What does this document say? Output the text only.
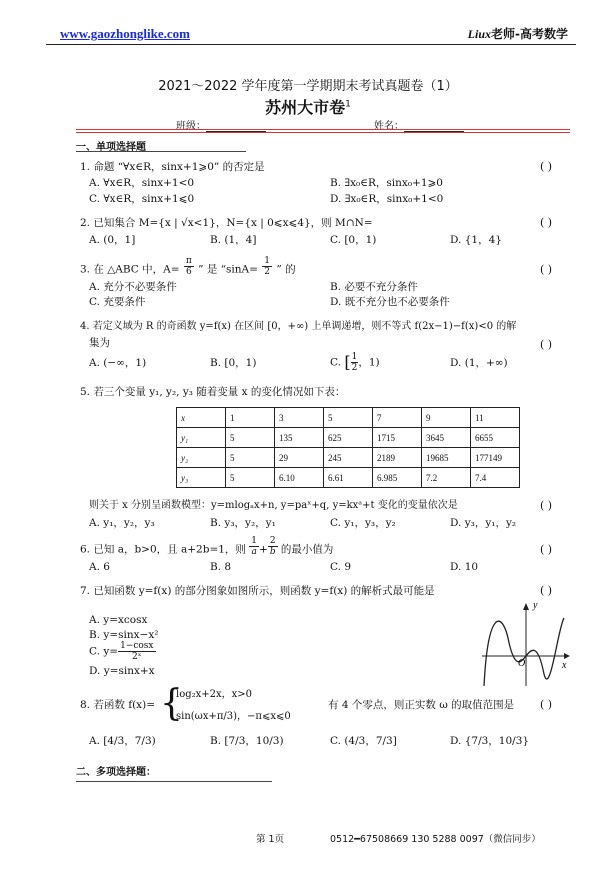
www.gaozhonglike.com	Liux老师-高考数学
2021～2022 学年度第一学期期末考试真题卷（1）
苏州大市卷$^1$
班级：	姓名：
一、单项选择题
1. 命题 “∀x∈R，sinx+1⩾0” 的否定是	( )
A. ∀x∈R，sinx+1<0	B. ∃x₀∈R，sinx₀+1⩾0
C. ∀x∈R，sinx+1⩽0	D. ∃x₀∈R，sinx₀+1<0
2. 已知集合 M={x | √x<1}，N={x | 0⩽x⩽4}，则 M∩N=	( )
A. (0，1]	B. (1，4]	C. [0，1)	D. {1，4}
3. 在 △ABC 中，$A= \frac{\pi}{6}$ ” 是 “$\sin A= \frac{1}{2}$ ” 的	( )
A. 充分不必要条件	B. 必要不充分条件
C. 充要条件	D. 既不充分也不必要条件
4. 若定义域为 R 的奇函数 y=f(x) 在区间 [0，+∞) 上单调递增，则不等式 f(2x−1)−f(x)<0 的解
集为	( )
A. (−∞，1)	B. [0，1)	C. [ $\frac{1}{2}$ ，1)	D. (1，+∞)
5. 若三个变量 y₁, y₂, y₃ 随着变量 x 的变化情况如下表：
x	1	3	5	7	9	11
y₁	5	135	625	1715	3645	6655
y₂	5	29	245	2189	19685	177149
y₃	5	6.10	6.61	6.985	7.2	7.4
则关于 x 分别呈函数模型：y=mlogₐx+n, y=paˣ+q, y=kxᵃ+t 变化的变量依次是	( )
A. y₁，y₂，y₃	B. y₃，y₂，y₁	C. y₁，y₃，y₂	D. y₃，y₁，y₂
6. 已知 a，b>0，且 a+2b=1，则 $\frac{1}{a} + \frac{2}{b}$ 的最小值为	( )
A. 6	B. 8	C. 9	D. 10
7. 已知函数 y=f(x) 的部分图象如图所示，则函数 y=f(x) 的解析式最可能是	( )
A. y=xcosx
B. y=sinx−x²
C. $y= \frac{1-\cos x}{\text{2ˣ}}$
D. y=sinx+x
y
x
O
8. 若函数 f(x)= {
log₂x+2x，x>0
sin(ωx+π/3)，−π⩽x⩽0
有 4 个零点，则正实数 ω 的取值范围是 ( )
A. [4/3，7/3)	B. [7/3，10/3)	C. (4/3，7/3]	D. {7/3，10/3}
二、多项选择题：
第 1页	0512━67508669 130 5288 0097（微信同步）
